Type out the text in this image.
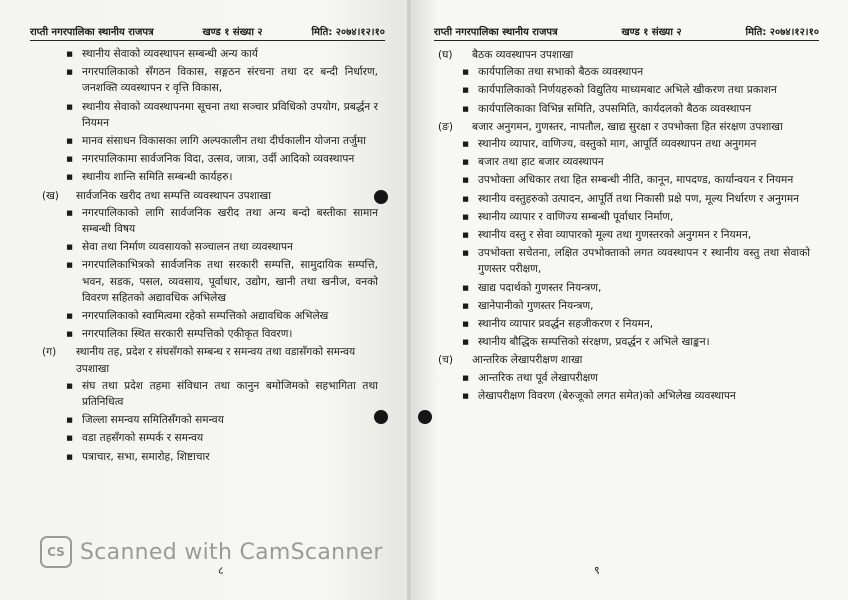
राप्ती नगरपालिका स्थानीय राजपत्र	खण्ड १ संख्या २	मिति: २०७४।१२।१०
▪ स्थानीय सेवाको व्यवस्थापन सम्बन्धी अन्य कार्य
▪ नगरपालिकाको सँगठन विकास, सङ्गठन संरचना तथा दर बन्दी निर्धारण, जनशक्ति व्यवस्थापन र वृत्ति विकास,
▪ स्थानीय सेवाको व्यवस्थापनमा सूचना तथा सञ्चार प्रविधिको उपयोग, प्रबर्द्धन र नियमन
▪ मानव संसाधन विकासका लागि अल्पकालीन तथा दीर्घकालीन योजना तर्जुमा
▪ नगरपालिकामा सार्वजनिक विदा, उत्सव, जात्रा, उर्दी आदिको व्यवस्थापन
▪ स्थानीय शान्ति समिति सम्बन्धी कार्यहरु।
(ख) सार्वजनिक खरीद तथा सम्पत्ति व्यवस्थापन उपशाखा
▪ नगरपालिकाको लागि सार्वजनिक खरीद तथा अन्य बन्दो बस्तीका सामान सम्बन्धी विषय
▪ सेवा तथा निर्माण व्यवसायको सञ्चालन तथा व्यवस्थापन
▪ नगरपालिकाभित्रको सार्वजनिक तथा सरकारी सम्पत्ति, सामुदायिक सम्पत्ति, भवन, सडक, पसल, व्यवसाय, पूर्वाधार, उद्योग, खानी तथा खनीज, वनको विवरण सहितको अद्यावधिक अभिलेख
▪ नगरपालिकाको स्वामित्वमा रहेको सम्पत्तिको अद्यावधिक अभिलेख
▪ नगरपालिका स्थित सरकारी सम्पत्तिको एकीकृत विवरण।
(ग) स्थानीय तह, प्रदेश र संघसँगको सम्बन्ध र समन्वय तथा वडासँगको समन्वय उपशाखा
▪ संघ तथा प्रदेश तहमा संविधान तथा कानुन बमोजिमको सहभागिता तथा प्रतिनिधित्व
▪ जिल्ला समन्वय समितिसँगको समन्वय
▪ वडा तहसँगको सम्पर्क र समन्वय
▪ पत्राचार, सभा, समारोह, शिष्टाचार
८
राप्ती नगरपालिका स्थानीय राजपत्र	खण्ड १ संख्या २	मिति: २०७४।१२।१०
(घ) बैठक व्यवस्थापन उपशाखा
▪ कार्यपालिका तथा सभाको बैठक व्यवस्थापन
▪ कार्यपालिकाको निर्णयहरुको विद्युतिय माध्यमबाट अभिले खीकरण तथा प्रकाशन
▪ कार्यपालिकाका विभिन्न समिति, उपसमिति, कार्यदलको बैठक व्यवस्थापन
(ङ) बजार अनुगमन, गुणस्तर, नापतौल, खाद्य सुरक्षा र उपभोक्ता हित संरक्षण उपशाखा
▪ स्थानीय व्यापार, वाणिज्य, वस्तुको माग, आपूर्ति व्यवस्थापन तथा अनुगमन
▪ बजार तथा हाट बजार व्यवस्थापन
▪ उपभोक्ता अधिकार तथा हित सम्बन्धी नीति, कानून, मापदण्ड, कार्यान्वयन र नियमन
▪ स्थानीय वस्तुहरुको उत्पादन, आपूर्ति तथा निकासी प्रक्षे पण, मूल्य निर्धारण र अनुगमन
▪ स्थानीय व्यापार र वाणिज्य सम्बन्धी पूर्वाधार निर्माण,
▪ स्थानीय वस्तु र सेवा व्यापारको मूल्य तथा गुणस्तरको अनुगमन र नियमन,
▪ उपभोक्ता सचेतना, लक्षित उपभोक्ताको लगत व्यवस्थापन र स्थानीय वस्तु तथा सेवाको गुणस्तर परीक्षण,
▪ खाद्य पदार्थको गुणस्तर नियन्त्रण,
▪ खानेपानीको गुणस्तर नियन्त्रण,
▪ स्थानीय व्यापार प्रवर्द्धन सहजीकरण र नियमन,
▪ स्थानीय बौद्धिक सम्पत्तिको संरक्षण, प्रवर्द्धन र अभिले खाङ्कन।
(च) आन्तरिक लेखापरीक्षण शाखा
▪ आन्तरिक तथा पूर्व लेखापरीक्षण
▪ लेखापरीक्षण विवरण (बेरुजूको लगत समेत)को अभिलेख व्यवस्थापन
९
CS Scanned with CamScanner
